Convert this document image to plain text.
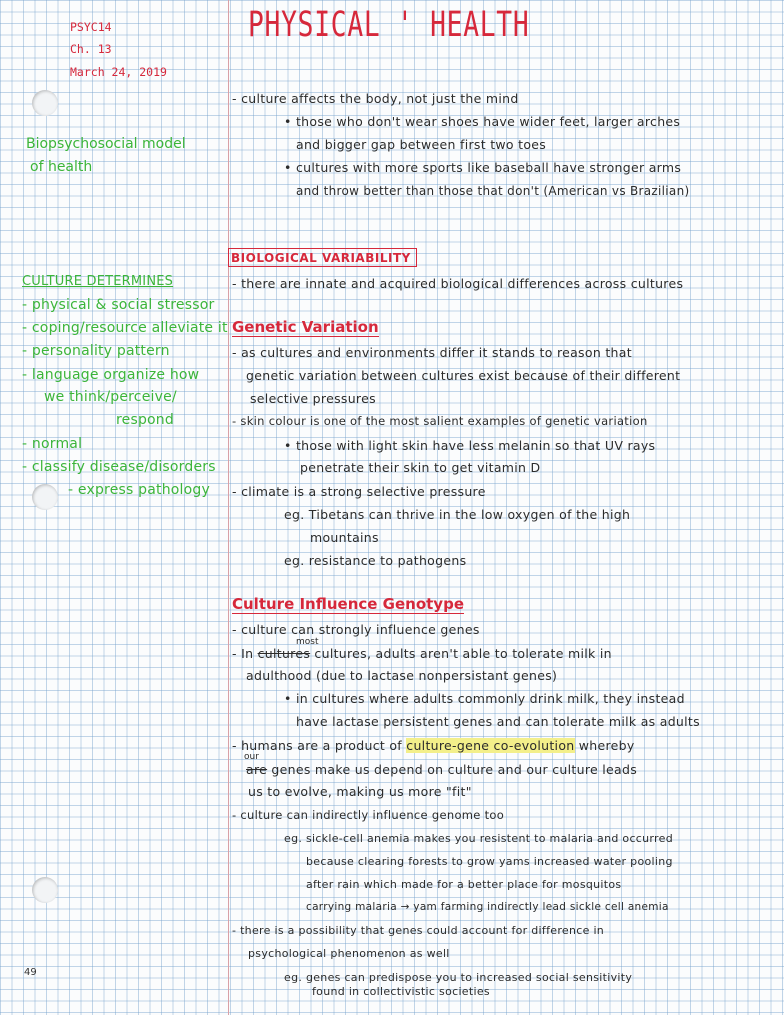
PSYC14

Ch. 13

March 24, 2019

PHYSICAL ' HEALTH

Biopsychosocial model

of health

CULTURE DETERMINES

- physical & social stressor

- coping/resource alleviate it

- personality pattern

- language organize how

we think/perceive/

respond

- normal

- classify disease/disorders

- express pathology

- culture affects the body, not just the mind

• those who don't wear shoes have wider feet, larger arches

and bigger gap between first two toes

• cultures with more sports like baseball have stronger arms

and throw better than those that don't (American vs Brazilian)

BIOLOGICAL VARIABILITY

- there are innate and acquired biological differences across cultures

Genetic Variation

- as cultures and environments differ it stands to reason that

genetic variation between cultures exist because of their different

selective pressures

- skin colour is one of the most salient examples of genetic variation

• those with light skin have less melanin so that UV rays

penetrate their skin to get vitamin D

- climate is a strong selective pressure

eg. Tibetans can thrive in the low oxygen of the high

mountains

eg. resistance to pathogens

Culture Influence Genotype

- culture can strongly influence genes

most

- In cultures cultures, adults aren't able to tolerate milk in

adulthood (due to lactase nonpersistant genes)

• in cultures where adults commonly drink milk, they instead

have lactase persistent genes and can tolerate milk as adults

- humans are a product of culture-gene co-evolution whereby

our

are genes make us depend on culture and our culture leads

us to evolve, making us more "fit"

- culture can indirectly influence genome too

eg. sickle-cell anemia makes you resistent to malaria and occurred

because clearing forests to grow yams increased water pooling

after rain which made for a better place for mosquitos

carrying malaria → yam farming indirectly lead sickle cell anemia

- there is a possibility that genes could account for difference in

psychological phenomenon as well

eg. genes can predispose you to increased social sensitivity

found in collectivistic societies

49
